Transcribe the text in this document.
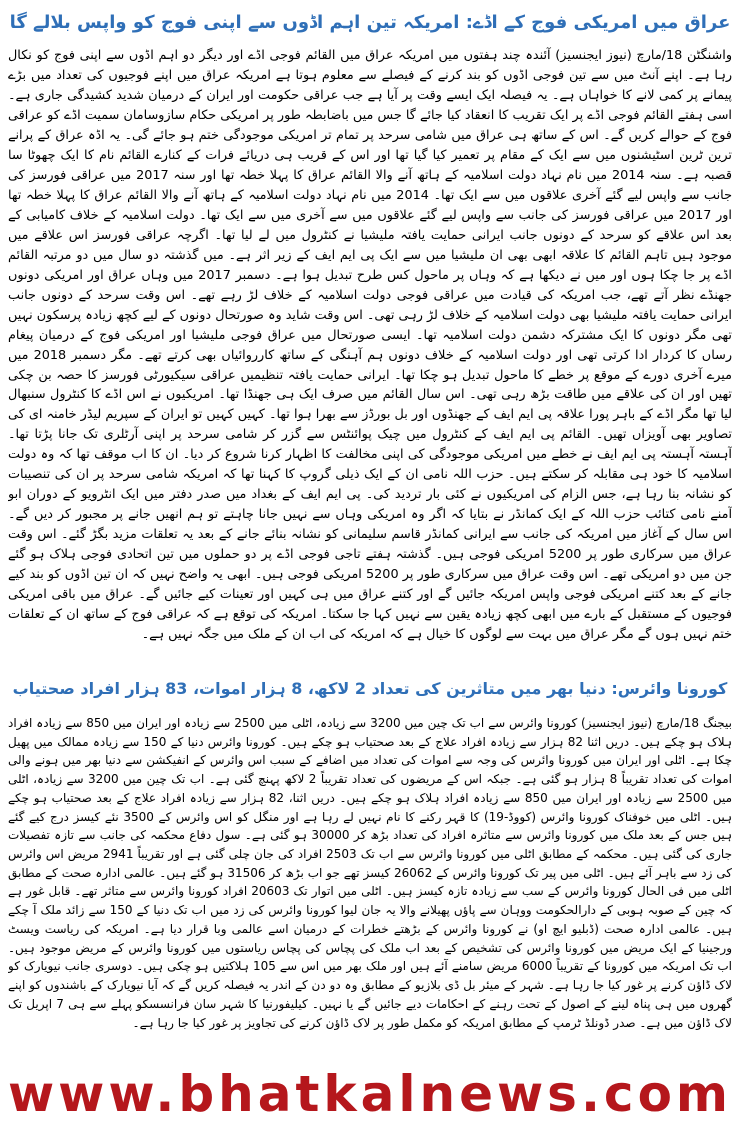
عراق میں امریکی فوج کے اڈے: امریکہ تین اہم اڈوں سے اپنی فوج کو واپس بلالے گا
واشنگٹن 18/مارچ (نیوز ایجنسیز) آئندہ چند ہفتوں میں امریکہ عراق میں القائم فوجی اڈے اور دیگر دو اہم اڈوں سے اپنی فوج کو نکال رہا ہے۔ اپنے آنٹ میں سے تین فوجی اڈوں کو بند کرنے کے فیصلے سے معلوم ہوتا ہے امریکہ عراق میں اپنے فوجیوں کی تعداد میں بڑے پیمانے پر کمی لانے کا خواہاں ہے۔ یہ فیصلہ ایک ایسے وقت پر آیا ہے جب عراقی حکومت اور ایران کے درمیان شدید کشیدگی جاری ہے۔ اسی ہفتے القائم فوجی اڈے پر ایک تقریب کا انعقاد کیا جائے گا جس میں باضابطہ طور پر امریکی حکام سازوسامان سمیت اڈے کو عراقی فوج کے حوالے کریں گے۔ اس کے ساتھ ہی عراق میں شامی سرحد پر تمام تر امریکی موجودگی ختم ہو جائے گی۔ یہ اڈہ عراق کے پرانے ترین ٹرین اسٹیشنوں میں سے ایک کے مقام پر تعمیر کیا گیا تھا اور اس کے قریب ہی دریائے فرات کے کنارے القائم نام کا ایک چھوٹا سا قصبہ ہے۔ سنہ 2014 میں نام نہاد دولت اسلامیہ کے ہاتھ آنے والا القائم عراق کا پہلا خطہ تھا اور سنہ 2017 میں عراقی فورسز کی جانب سے واپس لیے گئے آخری علاقوں میں سے ایک تھا۔ 2014 میں نام نہاد دولت اسلامیہ کے ہاتھ آنے والا القائم عراق کا پہلا خطہ تھا اور 2017 میں عراقی فورسز کی جانب سے واپس لیے گئے علاقوں میں سے آخری میں سے ایک تھا۔ دولت اسلامیہ کے خلاف کامیابی کے بعد اس علاقے کو سرحد کے دونوں جانب ایرانی حمایت یافتہ ملیشیا نے کنٹرول میں لے لیا تھا۔ اگرچہ عراقی فورسز اس علاقے میں موجود ہیں تاہم القائم کا علاقہ ابھی بھی ان ملیشیا میں سے ایک پی ایم ایف کے زیر اثر ہے۔ میں گذشتہ دو سال میں دو مرتبہ القائم اڈے پر جا چکا ہوں اور میں نے دیکھا ہے کہ وہاں پر ماحول کس طرح تبدیل ہوا ہے۔ دسمبر 2017 میں وہاں عراق اور امریکی دونوں جھنڈے نظر آتے تھے، جب امریکہ کی قیادت میں عراقی فوجی دولت اسلامیہ کے خلاف لڑ رہے تھے۔ اس وقت سرحد کے دونوں جانب ایرانی حمایت یافتہ ملیشیا بھی دولت اسلامیہ کے خلاف لڑ رہی تھی۔ اس وقت شاید وہ صورتحال دونوں کے لیے کچھ زیادہ پرسکون نہیں تھی مگر دونوں کا ایک مشترکہ دشمن دولت اسلامیہ تھا۔ ایسی صورتحال میں عراق فوجی ملیشیا اور امریکی فوج کے درمیان پیغام رساں کا کردار ادا کرتی تھی اور دولت اسلامیہ کے خلاف دونوں ہم آہنگی کے ساتھ کارروائیاں بھی کرتے تھے۔ مگر دسمبر 2018 میں میرے آخری دورے کے موقع پر خطے کا ماحول تبدیل ہو چکا تھا۔ ایرانی حمایت یافتہ تنظیمیں عراقی سیکیورٹی فورسز کا حصہ بن چکی تھیں اور ان کی علاقے میں طاقت بڑھ رہی تھی۔ اس سال القائم میں صرف ایک ہی جھنڈا تھا۔ امریکیوں نے اس اڈے کا کنٹرول سنبھال لیا تھا مگر اڈے کے باہر پورا علاقہ پی ایم ایف کے جھنڈوں اور بل بورڈز سے بھرا ہوا تھا۔ کہیں کہیں تو ایران کے سپریم لیڈر خامنہ ای کی تصاویر بھی آویزاں تھیں۔ القائم پی ایم ایف کے کنٹرول میں چیک پوائنٹس سے گزر کر شامی سرحد پر اپنی آرٹلری تک جانا پڑتا تھا۔ آہستہ آہستہ پی ایم ایف نے خطے میں امریکی موجودگی کی اپنی مخالفت کا اظہار کرنا شروع کر دیا۔ ان کا اب موقف تھا کہ وہ دولت اسلامیہ کا خود ہی مقابلہ کر سکتے ہیں۔ حزب اللہ نامی ان کے ایک ذیلی گروپ کا کہنا تھا کہ امریکہ شامی سرحد پر ان کی تنصیبات کو نشانہ بنا رہا ہے، جس الزام کی امریکیوں نے کئی بار تردید کی۔ پی ایم ایف کے بغداد میں صدر دفتر میں ایک انٹرویو کے دوران ابو آمنے نامی کتائب حزب اللہ کے ایک کمانڈر نے بتایا کہ اگر وہ امریکی وہاں سے نہیں جانا چاہتے تو ہم انھیں جانے پر مجبور کر دیں گے۔ اس سال کے آغاز میں امریکہ کی جانب سے ایرانی کمانڈر قاسم سلیمانی کو نشانہ بنائے جانے کے بعد یہ تعلقات مزید بگڑ گئے۔ اس وقت عراق میں سرکاری طور پر 5200 امریکی فوجی ہیں۔ گذشتہ ہفتے تاجی فوجی اڈے پر دو حملوں میں تین اتحادی فوجی ہلاک ہو گئے جن میں دو امریکی تھے۔ اس وقت عراق میں سرکاری طور پر 5200 امریکی فوجی ہیں۔ ابھی یہ واضح نہیں کہ ان تین اڈوں کو بند کیے جانے کے بعد کتنے امریکی فوجی واپس امریکہ جائیں گے اور کتنے عراق میں ہی کہیں اور تعینات کیے جائیں گے۔ عراق میں باقی امریکی فوجیوں کے مستقبل کے بارے میں ابھی کچھ زیادہ یقین سے نہیں کہا جا سکتا۔ امریکہ کی توقع ہے کہ عراقی فوج کے ساتھ ان کے تعلقات ختم نہیں ہوں گے مگر عراق میں بہت سے لوگوں کا خیال ہے کہ امریکہ کی اب ان کے ملک میں جگہ نہیں ہے۔
کورونا وائرس: دنیا بھر میں متاثرین کی تعداد 2 لاکھ، 8 ہزار اموات، 83 ہزار افراد صحتیاب
بیجنگ 18/مارچ (نیوز ایجنسیز) کورونا وائرس سے اب تک چین میں 3200 سے زیادہ، اٹلی میں 2500 سے زیادہ اور ایران میں 850 سے زیادہ افراد ہلاک ہو چکے ہیں۔ دریں اثنا 82 ہزار سے زیادہ افراد علاج کے بعد صحتیاب ہو چکے ہیں۔ کورونا وائرس دنیا کے 150 سے زیادہ ممالک میں پھیل چکا ہے۔ اٹلی اور ایران میں کورونا وائرس کی وجہ سے اموات کی تعداد میں اضافے کے سبب اس وائرس کے انفیکشن سے دنیا بھر میں ہونے والی اموات کی تعداد تقریباً 8 ہزار ہو گئی ہے۔ جبکہ اس کے مریضوں کی تعداد تقریباً 2 لاکھ پہنچ گئی ہے۔ اب تک چین میں 3200 سے زیادہ، اٹلی میں 2500 سے زیادہ اور ایران میں 850 سے زیادہ افراد ہلاک ہو چکے ہیں۔ دریں اثنا، 82 ہزار سے زیادہ افراد علاج کے بعد صحتیاب ہو چکے ہیں۔ اٹلی میں خوفناک کورونا وائرس (کووڈ-19) کا قہر رکنے کا نام نہیں لے رہا ہے اور منگل کو اس وائرس کے 3500 نئے کیسز درج کیے گئے ہیں جس کے بعد ملک میں کورونا وائرس سے متاثرہ افراد کی تعداد بڑھ کر 30000 ہو گئی ہے۔ سول دفاع محکمہ کی جانب سے تازہ تفصیلات جاری کی گئی ہیں۔ محکمہ کے مطابق اٹلی میں کورونا وائرس سے اب تک 2503 افراد کی جان چلی گئی ہے اور تقریباً 2941 مریض اس وائرس کی زد سے باہر آئے ہیں۔ اٹلی میں پیر تک کورونا وائرس کے 26062 کیسز تھے جو اب بڑھ کر 31506 ہو گئے ہیں۔ عالمی ادارہ صحت کے مطابق اٹلی میں فی الحال کورونا وائرس کے سب سے زیادہ تازہ کیسز ہیں۔ اٹلی میں اتوار تک 20603 افراد کورونا وائرس سے متاثر تھے۔ قابل غور ہے کہ چین کے صوبہ ہوبی کے دارالحکومت ووہان سے پاؤں پھیلانے والا یہ جان لیوا کورونا وائرس کی زد میں اب تک دنیا کے 150 سے زائد ملک آ چکے ہیں۔ عالمی ادارہ صحت (ڈبلیو ایچ او) نے کورونا وائرس کے بڑھتے خطرات کے درمیان اسے عالمی وبا قرار دیا ہے۔ امریکہ کی ریاست ویسٹ ورجینیا کے ایک مریض میں کورونا وائرس کی تشخیص کے بعد اب ملک کی پچاس کی پچاس ریاستوں میں کورونا وائرس کے مریض موجود ہیں۔ اب تک امریکہ میں کورونا کے تقریباً 6000 مریض سامنے آئے ہیں اور ملک بھر میں اس سے 105 ہلاکتیں ہو چکی ہیں۔ دوسری جانب نیویارک کو لاک ڈاؤن کرنے پر غور کیا جا رہا ہے۔ شہر کے میئر بل ڈی بلازیو کے مطابق وہ دو دن کے اندر یہ فیصلہ کریں گے کہ آیا نیویارک کے باشندوں کو اپنے گھروں میں ہی پناہ لینے کے اصول کے تحت رہنے کے احکامات دیے جائیں گے یا نہیں۔ کیلیفورنیا کا شہر سان فرانسسکو پہلے سے ہی 7 اپریل تک لاک ڈاؤن میں ہے۔ صدر ڈونلڈ ٹرمپ کے مطابق امریکہ کو مکمل طور پر لاک ڈاؤن کرنے کی تجاویز پر غور کیا جا رہا ہے۔
www.bhatkalnews.com
